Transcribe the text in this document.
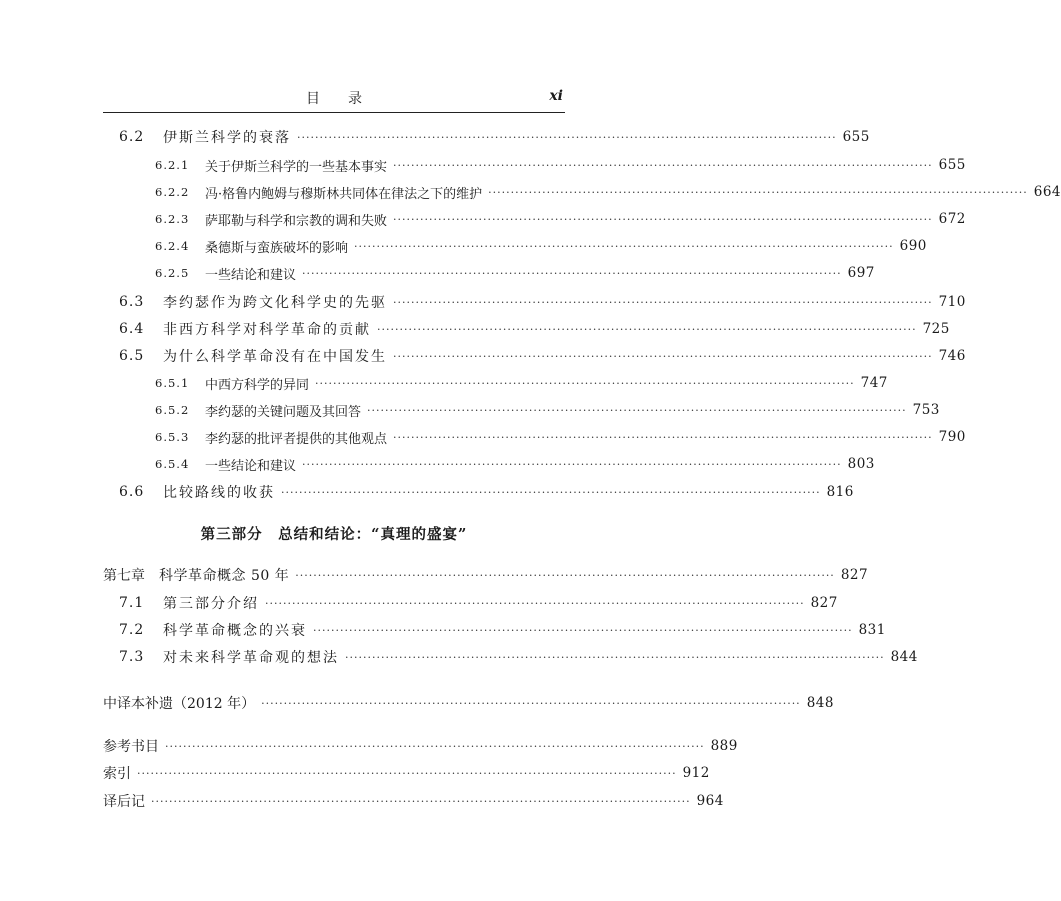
目录	xi
6.2	伊斯兰科学的衰落 ························································································································ 655
6.2.1	关于伊斯兰科学的一些基本事实 ························································································································ 655
6.2.2	冯·格鲁内鲍姆与穆斯林共同体在律法之下的维护 ························································································································ 664
6.2.3	萨耶勒与科学和宗教的调和失败 ························································································································ 672
6.2.4	桑德斯与蛮族破坏的影响 ························································································································ 690
6.2.5	一些结论和建议 ························································································································ 697
6.3	李约瑟作为跨文化科学史的先驱 ························································································································ 710
6.4	非西方科学对科学革命的贡献 ························································································································ 725
6.5	为什么科学革命没有在中国发生 ························································································································ 746
6.5.1	中西方科学的异同 ························································································································ 747
6.5.2	李约瑟的关键问题及其回答 ························································································································ 753
6.5.3	李约瑟的批评者提供的其他观点 ························································································································ 790
6.5.4	一些结论和建议 ························································································································ 803
6.6	比较路线的收获 ························································································································ 816
第三部分　总结和结论：“真理的盛宴”
第七章 科学革命概念 50 年 ························································································································ 827
7.1	第三部分介绍 ························································································································ 827
7.2	科学革命概念的兴衰 ························································································································ 831
7.3	对未来科学革命观的想法 ························································································································ 844
中译本补遗（2012 年） ························································································································ 848
参考书目 ························································································································ 889
索引 ························································································································ 912
译后记 ························································································································ 964
